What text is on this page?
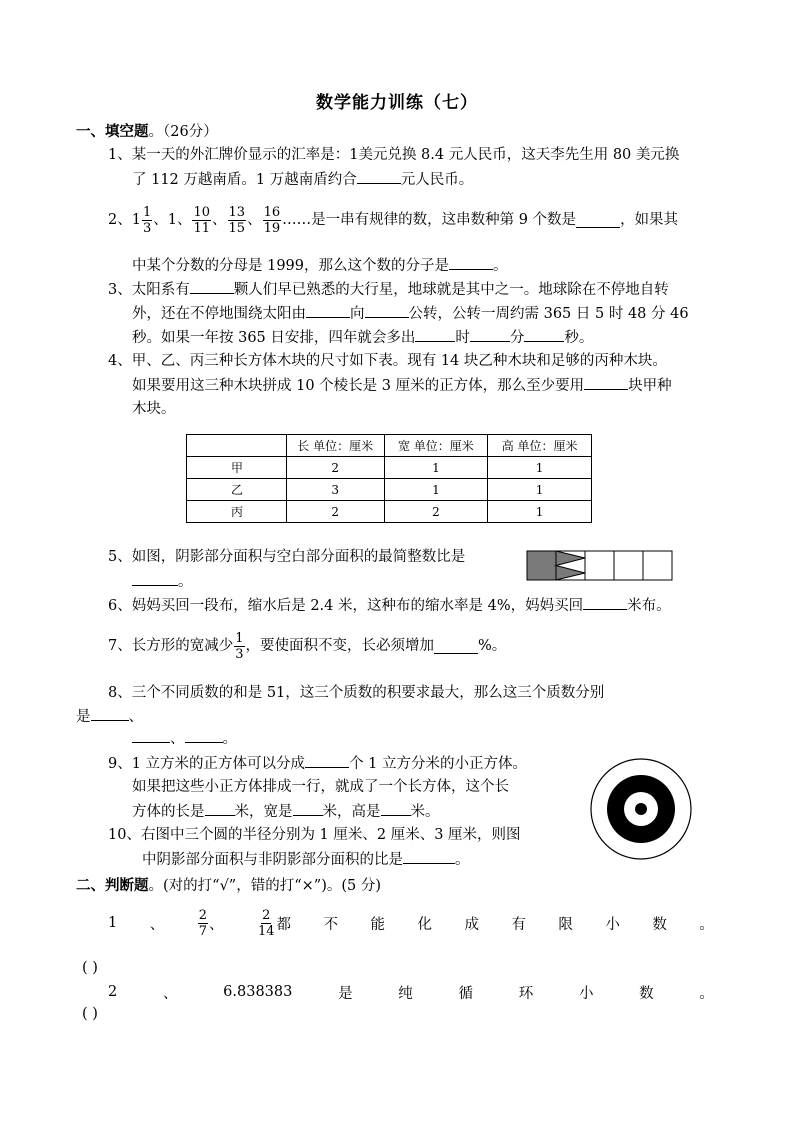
数学能力训练（七）
一、填空题。（26分）
1、某一天的外汇牌价显示的汇率是：1美元兑换 8.4 元人民币，这天李先生用 80 美元换
了 112 万越南盾。1 万越南盾约合	元人民币。
2、$1 \frac{1}{3}$ 、1、 $\frac{10}{11}$ 、 $\frac{13}{15}$ 、 $\frac{16}{19}$ ……是一串有规律的数，这串数种第 9 个数是	，如果其
中某个分数的分母是 1999，那么这个数的分子是	。
3、太阳系有	颗人们早已熟悉的大行星，地球就是其中之一。地球除在不停地自转
外，还在不停地围绕太阳由	向	公转，公转一周约需 365 日 5 时 48 分 46
秒。如果一年按 365 日安排，四年就会多出	时	分	秒。
4、甲、乙、丙三种长方体木块的尺寸如下表。现有 14 块乙种木块和足够的丙种木块。
如果要用这三种木块拼成 10 个棱长是 3 厘米的正方体，那么至少要用	块甲种
木块。
	长 单位：厘米	宽 单位：厘米	高 单位：厘米
甲	2	1	1
乙	3	1	1
丙	2	2	1
5、如图，阴影部分面积与空白部分面积的最简整数比是
。
6、妈妈买回一段布，缩水后是 2.4 米，这种布的缩水率是 4%，妈妈买回	米布。
7、长方形的宽减少 $\frac{1}{3}$ ，要使面积不变，长必须增加	%。
8、三个不同质数的和是 51，这三个质数的积要求最大，那么这三个质数分别
是	、
、	。
9、1 立方米的正方体可以分成	个 1 立方分米的小正方体。
如果把这些小正方体排成一行，就成了一个长方体，这个长
方体的长是 米，宽是 米，高是 米。
10、右图中三个圆的半径分别为 1 厘米、2 厘米、3 厘米，则图
中阴影部分面积与非阴影部分面积的比是	。
二、判断题。(对的打“√”，错的打“×”)。(5 分)
1 、	$\frac{2}{7}$ 、	$\frac{2}{14}$ 都 不 能 化 成 有 限 小 数 。
( )
2	、	6.838383	是	纯	循	环	小	数	。
( )
